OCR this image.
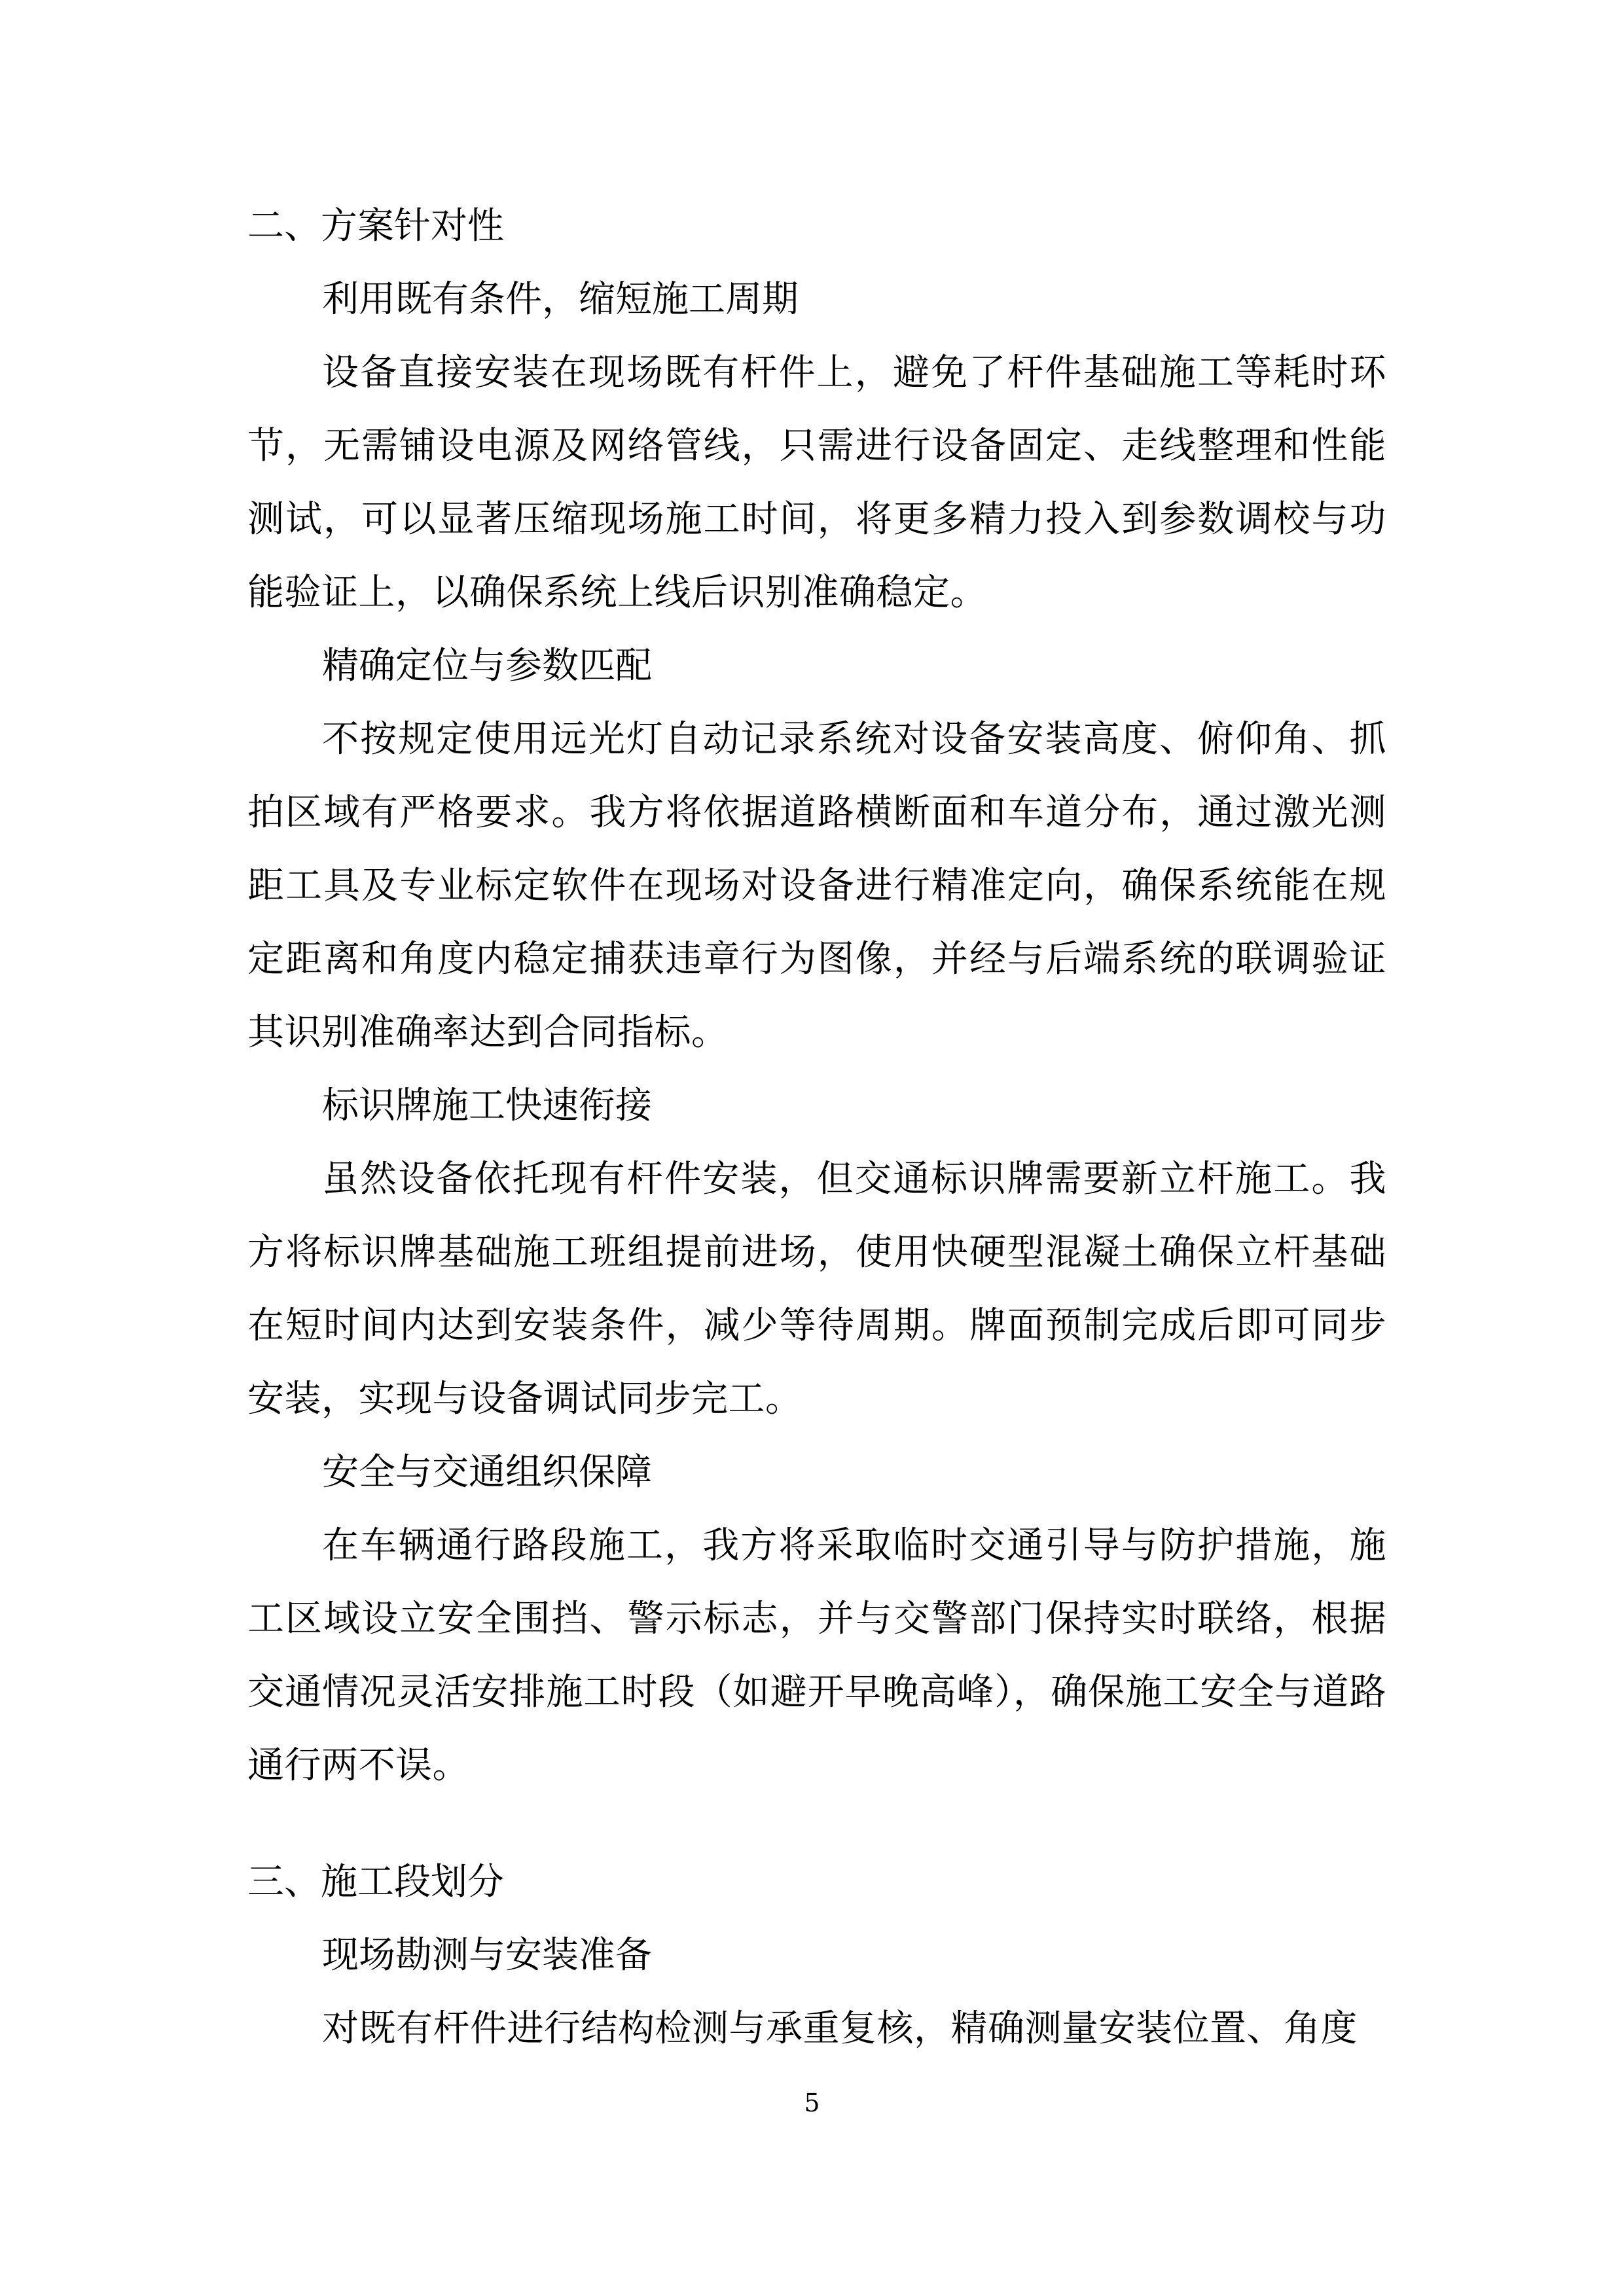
二、方案针对性
利用既有条件，缩短施工周期

设备直接安装在现场既有杆件上，避免了杆件基础施工等耗时环节，无需铺设电源及网络管线，只需进行设备固定、走线整理和性能测试，可以显著压缩现场施工时间，将更多精力投入到参数调校与功能验证上，以确保系统上线后识别准确稳定。

精确定位与参数匹配

不按规定使用远光灯自动记录系统对设备安装高度、俯仰角、抓拍区域有严格要求。我方将依据道路横断面和车道分布，通过激光测距工具及专业标定软件在现场对设备进行精准定向，确保系统能在规定距离和角度内稳定捕获违章行为图像，并经与后端系统的联调验证其识别准确率达到合同指标。

标识牌施工快速衔接

虽然设备依托现有杆件安装，但交通标识牌需要新立杆施工。我方将标识牌基础施工班组提前进场，使用快硬型混凝土确保立杆基础在短时间内达到安装条件，减少等待周期。牌面预制完成后即可同步安装，实现与设备调试同步完工。

安全与交通组织保障

在车辆通行路段施工，我方将采取临时交通引导与防护措施，施工区域设立安全围挡、警示标志，并与交警部门保持实时联络，根据交通情况灵活安排施工时段（如避开早晚高峰），确保施工安全与道路通行两不误。

三、施工段划分
现场勘测与安装准备

对既有杆件进行结构检测与承重复核，精确测量安装位置、角度

5
